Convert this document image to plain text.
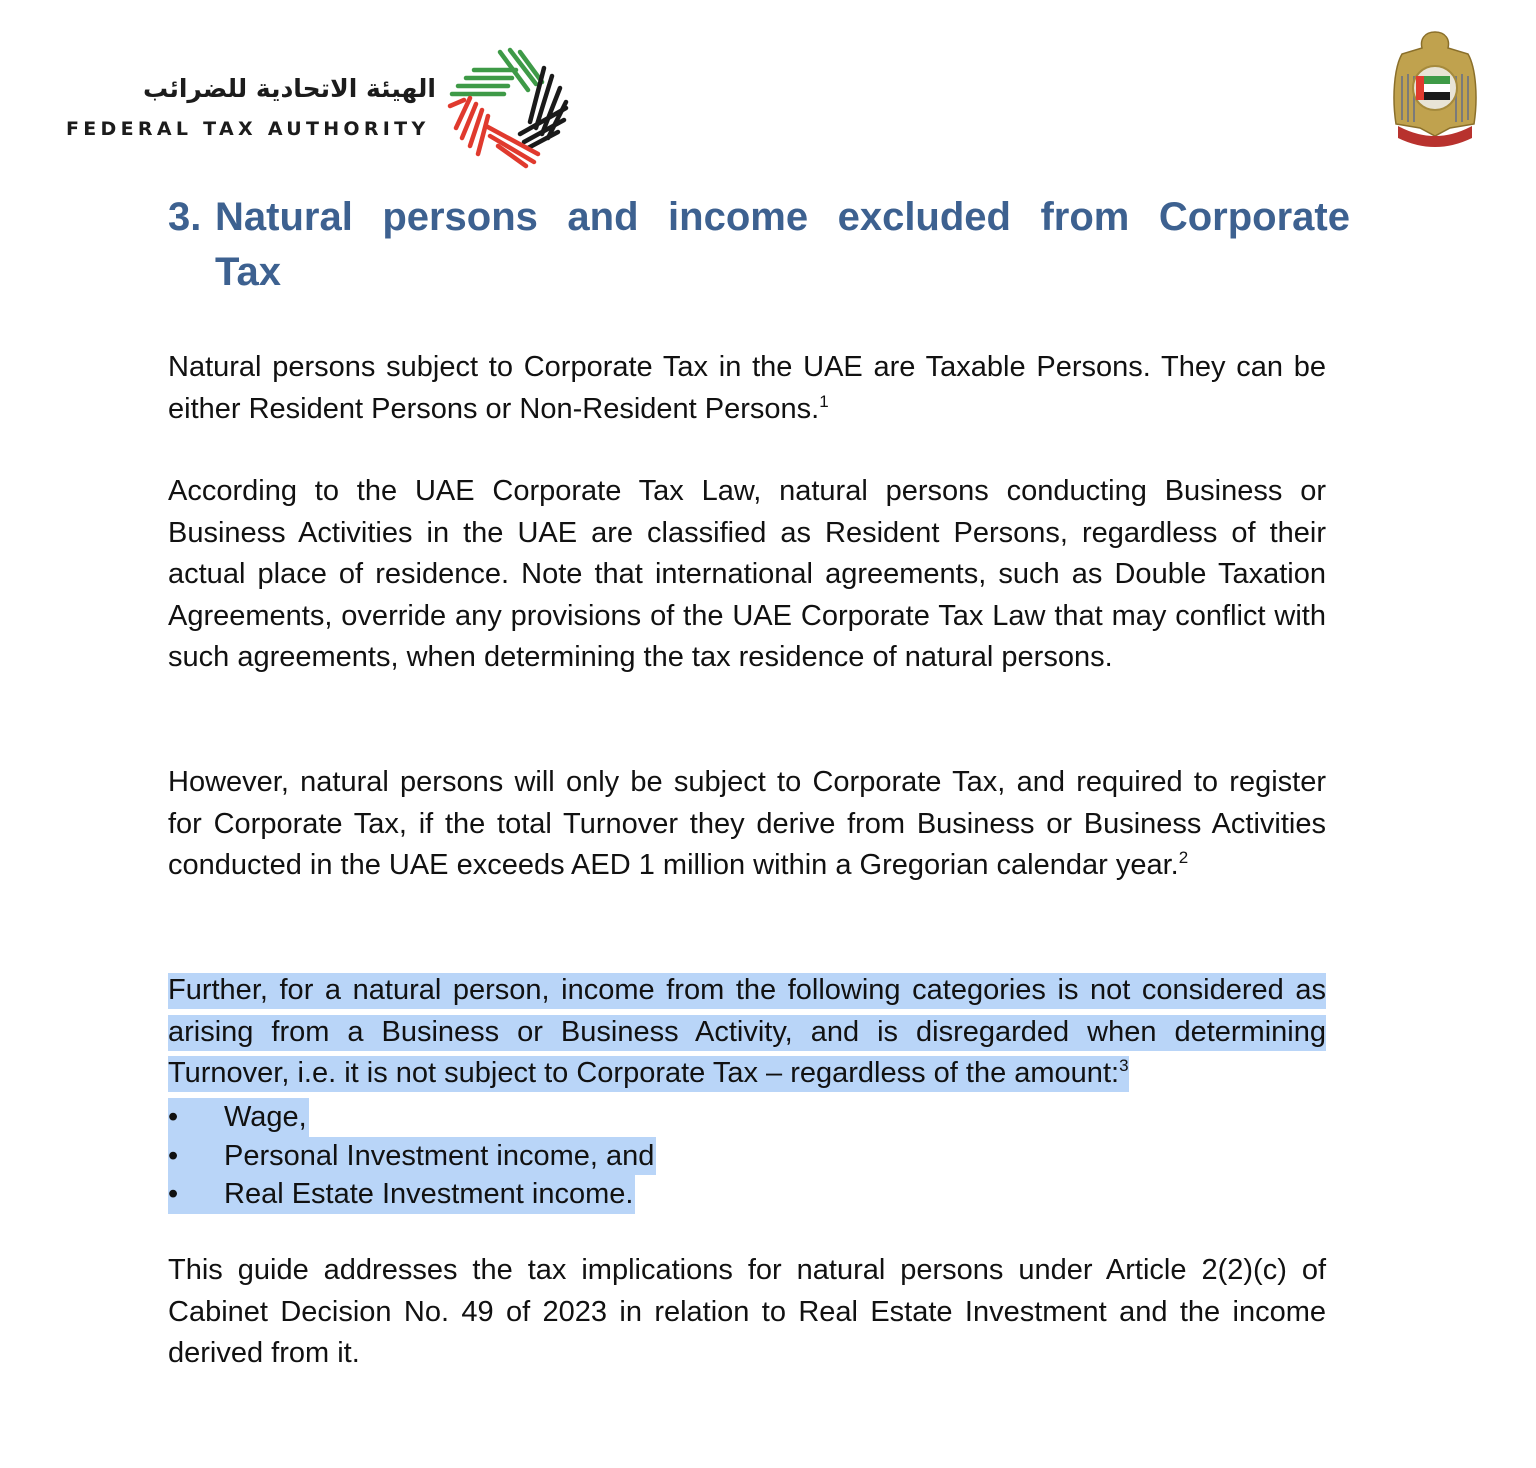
الهيئة الاتحادية للضرائب
FEDERAL TAX AUTHORITY
3. Natural persons and income excluded from Corporate Tax

Natural persons subject to Corporate Tax in the UAE are Taxable Persons. They can be either Resident Persons or Non-Resident Persons.$^1$

According to the UAE Corporate Tax Law, natural persons conducting Business or Business Activities in the UAE are classified as Resident Persons, regardless of their actual place of residence. Note that international agreements, such as Double Taxation Agreements, override any provisions of the UAE Corporate Tax Law that may conflict with such agreements, when determining the tax residence of natural persons.

However, natural persons will only be subject to Corporate Tax, and required to register for Corporate Tax, if the total Turnover they derive from Business or Business Activities conducted in the UAE exceeds AED 1 million within a Gregorian calendar year.$^2$

Further, for a natural person, income from the following categories is not considered as arising from a Business or Business Activity, and is disregarded when determining Turnover, i.e. it is not subject to Corporate Tax – regardless of the amount:$^3$

• Wage,
• Personal Investment income, and
• Real Estate Investment income.

This guide addresses the tax implications for natural persons under Article 2(2)(c) of Cabinet Decision No. 49 of 2023 in relation to Real Estate Investment and the income derived from it.
